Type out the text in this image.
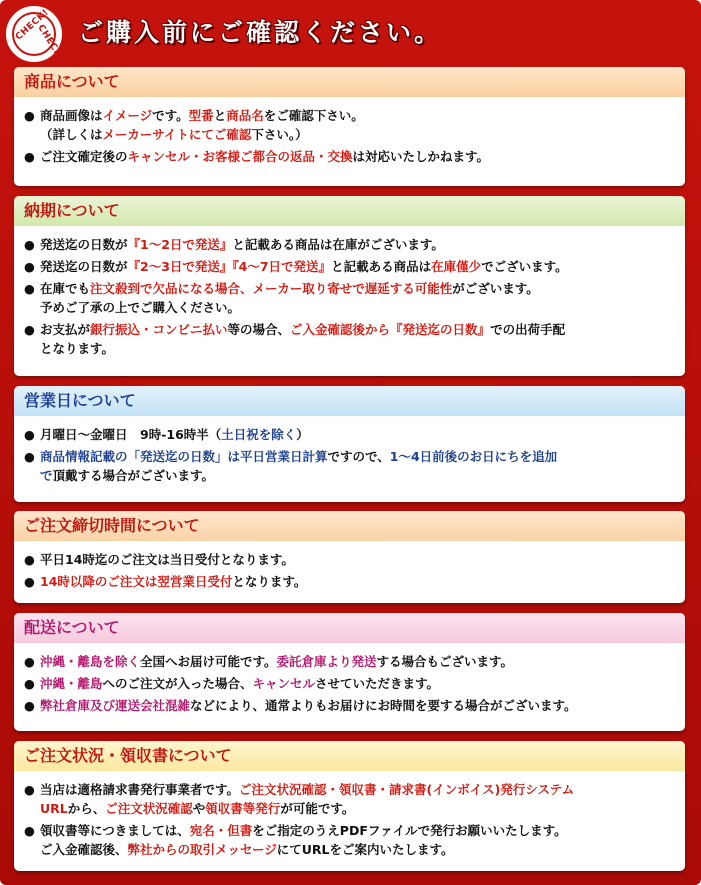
CHECK!
CHECK! ご購入前にご確認ください。
商品について
● 商品画像はイメージです。型番と商品名をご確認下さい。
（詳しくはメーカーサイトにてご確認下さい。）
● ご注文確定後のキャンセル・お客様ご都合の返品・交換は対応いたしかねます。
納期について
● 発送迄の日数が『1〜2日で発送』と記載ある商品は在庫がございます。
● 発送迄の日数が『2〜3日で発送』『4〜7日で発送』と記載ある商品は在庫僅少でございます。
● 在庫でも注文殺到で欠品になる場合、メーカー取り寄せで遅延する可能性がございます。
予めご了承の上でご購入ください。
● お支払が銀行振込・コンビニ払い等の場合、ご入金確認後から『発送迄の日数』での出荷手配
となります。
営業日について
● 月曜日〜金曜日　9時-16時半（土日祝を除く）
● 商品情報記載の「発送迄の日数」は平日営業日計算ですので、1〜4日前後のお日にちを追加
で頂戴する場合がございます。
ご注文締切時間について
● 平日14時迄のご注文は当日受付となります。
● 14時以降のご注文は翌営業日受付となります。
配送について
● 沖縄・離島を除く全国へお届け可能です。委託倉庫より発送する場合もございます。
● 沖縄・離島へのご注文が入った場合、キャンセルさせていただきます。
● 弊社倉庫及び運送会社混雑などにより、通常よりもお届けにお時間を要する場合がございます。
ご注文状況・領収書について
● 当店は適格請求書発行事業者です。ご注文状況確認・領収書・請求書(インボイス)発行システム
URLから、ご注文状況確認や領収書等発行が可能です。
● 領収書等につきましては、宛名・但書をご指定のうえPDFファイルで発行お願いいたします。
ご入金確認後、弊社からの取引メッセージにてURLをご案内いたします。
